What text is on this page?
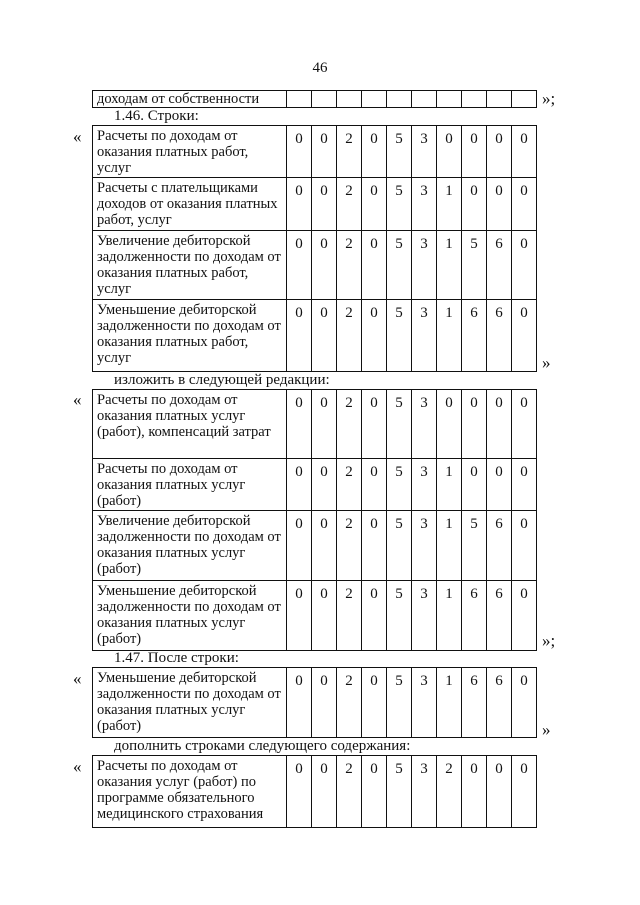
46
доходам от собственности											»;
1.46. Строки:
« Расчеты по доходам от оказания платных работ, услуг	0	0	2	0	5	3	0	0	0	0
Расчеты с плательщиками доходов от оказания платных работ, услуг	0	0	2	0	5	3	1	0	0	0
Увеличение дебиторской задолженности по доходам от оказания платных работ, услуг	0	0	2	0	5	3	1	5	6	0
Уменьшение дебиторской задолженности по доходам от оказания платных работ, услуг	0	0	2	0	5	3	1	6	6	0
»
изложить в следующей редакции:
« Расчеты по доходам от оказания платных услуг (работ), компенсаций затрат	0	0	2	0	5	3	0	0	0	0
Расчеты по доходам от оказания платных услуг (работ)	0	0	2	0	5	3	1	0	0	0
Увеличение дебиторской задолженности по доходам от оказания платных услуг (работ)	0	0	2	0	5	3	1	5	6	0
Уменьшение дебиторской задолженности по доходам от оказания платных услуг (работ)	0	0	2	0	5	3	1	6	6	0
»;
1.47. После строки:
« Уменьшение дебиторской задолженности по доходам от оказания платных услуг (работ)	0	0	2	0	5	3	1	6	6	0
»
дополнить строками следующего содержания:
« Расчеты по доходам от оказания услуг (работ) по программе обязательного медицинского страхования	0	0	2	0	5	3	2	0	0	0
